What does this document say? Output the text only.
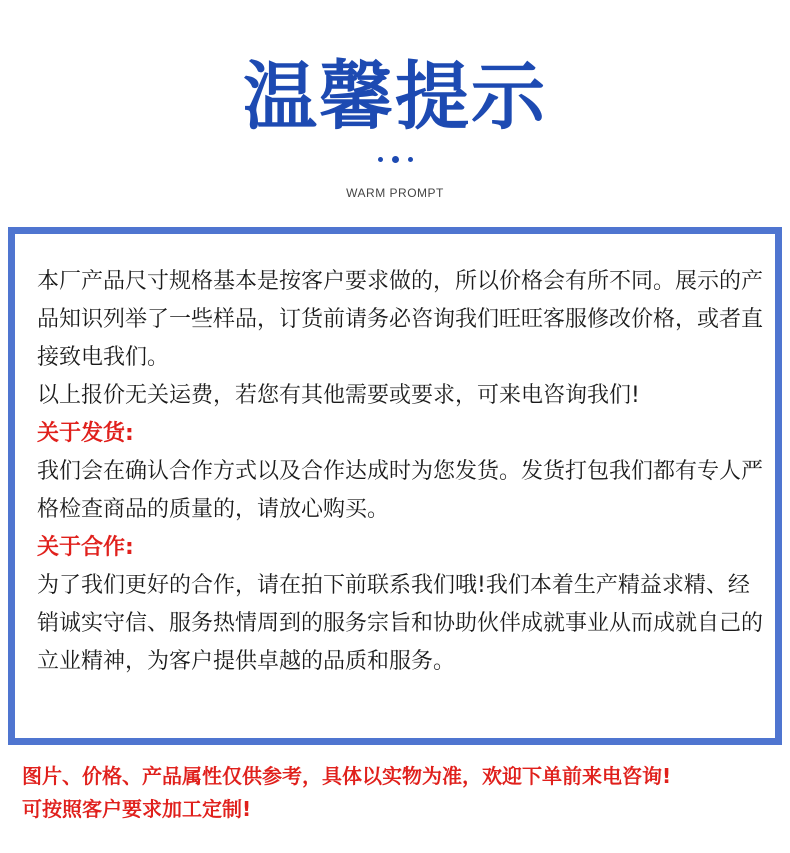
温馨提示
WARM PROMPT

本厂产品尺寸规格基本是按客户要求做的，所以价格会有所不同。展示的产品知识列举了一些样品，订货前请务必咨询我们旺旺客服修改价格，或者直接致电我们。

以上报价无关运费，若您有其他需要或要求，可来电咨询我们!

关于发货:

我们会在确认合作方式以及合作达成时为您发货。发货打包我们都有专人严格检查商品的质量的，请放心购买。

关于合作:

为了我们更好的合作，请在拍下前联系我们哦!我们本着生产精益求精、经销诚实守信、服务热情周到的服务宗旨和协助伙伴成就事业从而成就自己的立业精神，为客户提供卓越的品质和服务。

图片、价格、产品属性仅供参考，具体以实物为准，欢迎下单前来电咨询!

可按照客户要求加工定制!
